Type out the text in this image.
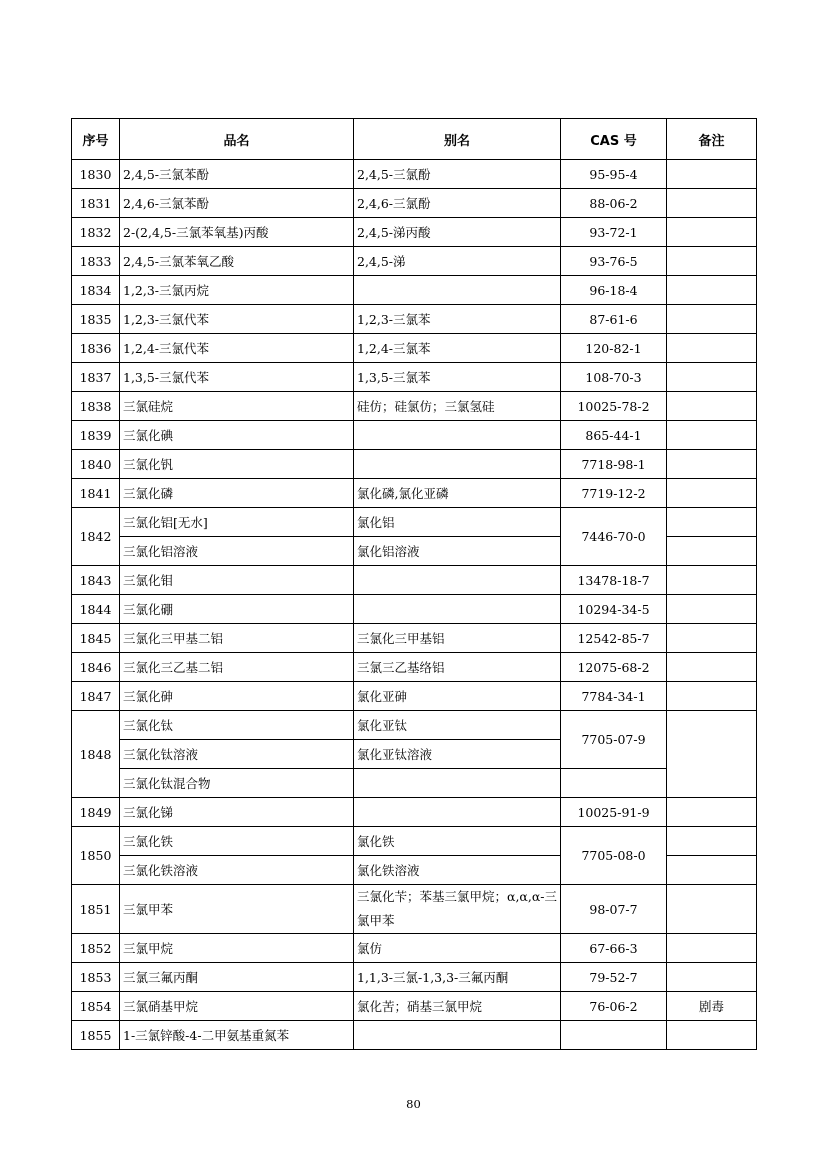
序号	品名	别名	CAS 号	备注
1830	2,4,5-三氯苯酚	2,4,5-三氯酚	95-95-4	
1831	2,4,6-三氯苯酚	2,4,6-三氯酚	88-06-2	
1832	2-(2,4,5-三氯苯氧基)丙酸	2,4,5-涕丙酸	93-72-1	
1833	2,4,5-三氯苯氧乙酸	2,4,5-涕	93-76-5	
1834	1,2,3-三氯丙烷		96-18-4	
1835	1,2,3-三氯代苯	1,2,3-三氯苯	87-61-6	
1836	1,2,4-三氯代苯	1,2,4-三氯苯	120-82-1	
1837	1,3,5-三氯代苯	1,3,5-三氯苯	108-70-3	
1838	三氯硅烷	硅仿；硅氯仿；三氯氢硅	10025-78-2	
1839	三氯化碘		865-44-1	
1840	三氯化钒		7718-98-1	
1841	三氯化磷	氯化磷,氯化亚磷	7719-12-2	
1842	三氯化铝[无水]	氯化铝	7446-70-0	
	三氯化铝溶液	氯化铝溶液		
1843	三氯化钼		13478-18-7	
1844	三氯化硼		10294-34-5	
1845	三氯化三甲基二铝	三氯化三甲基铝	12542-85-7	
1846	三氯化三乙基二铝	三氯三乙基络铝	12075-68-2	
1847	三氯化砷	氯化亚砷	7784-34-1	
1848	三氯化钛	氯化亚钛	7705-07-9	
	三氯化钛溶液	氯化亚钛溶液		
	三氯化钛混合物			
1849	三氯化锑		10025-91-9	
1850	三氯化铁	氯化铁	7705-08-0	
	三氯化铁溶液	氯化铁溶液		
1851	三氯甲苯	三氯化苄；苯基三氯甲烷；α,α,α-三氯甲苯	98-07-7	
1852	三氯甲烷	氯仿	67-66-3	
1853	三氯三氟丙酮	1,1,3-三氯-1,3,3-三氟丙酮	79-52-7	
1854	三氯硝基甲烷	氯化苦；硝基三氯甲烷	76-06-2	剧毒
1855	1-三氯锌酸-4-二甲氨基重氮苯			
80
